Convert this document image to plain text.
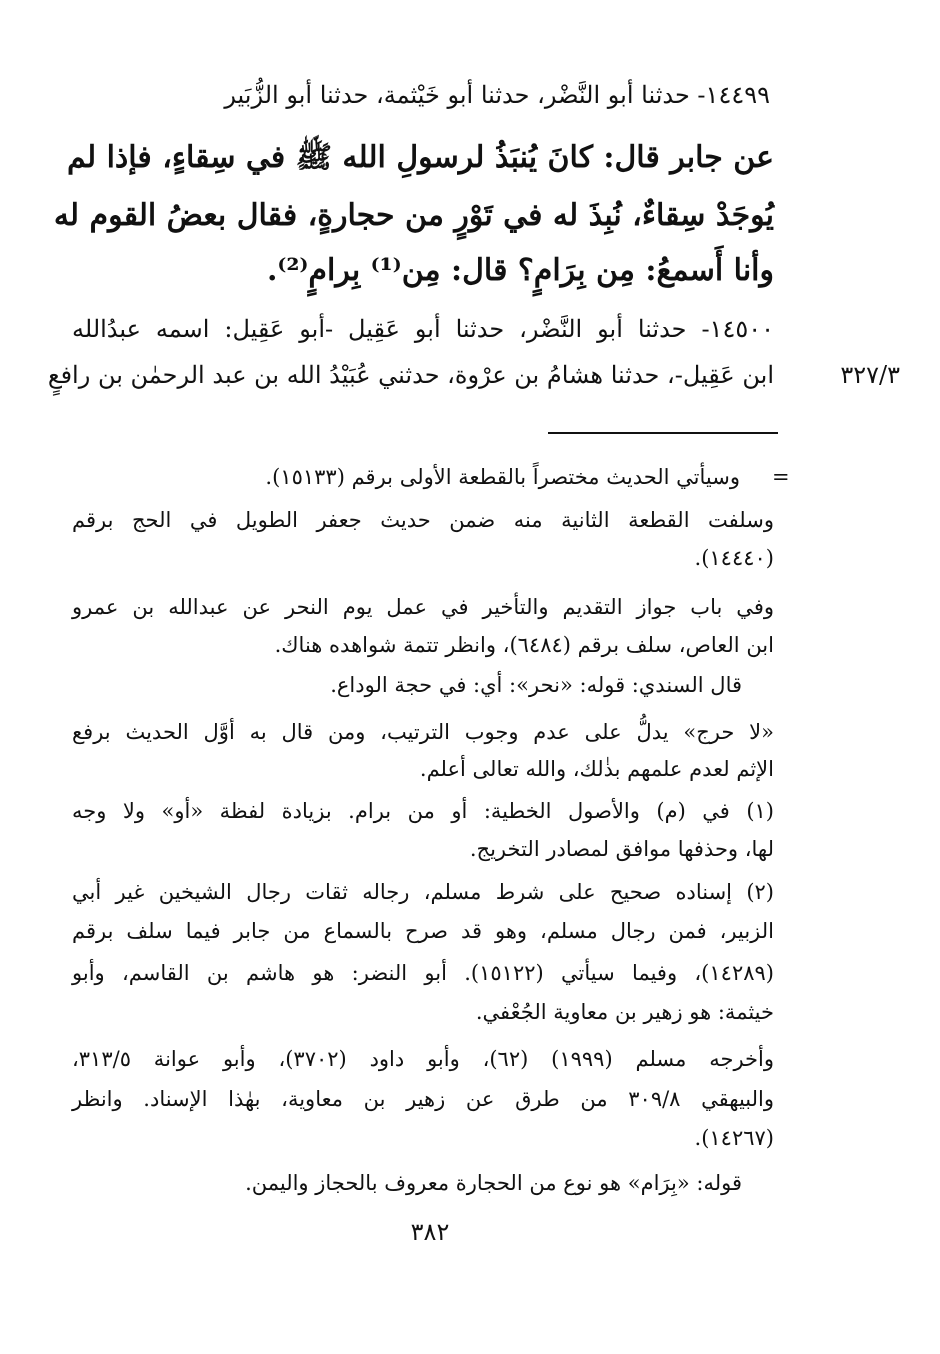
١٤٤٩٩- حدثنا أبو النَّضْر، حدثنا أبو خَيْثمة، حدثنا أبو الزُّبَير
عن جابر قال: كانَ يُنبَذُ لرسولِ الله ﷺ في سِقاءٍ، فإذا لم
يُوجَدْ سِقاءٌ، نُبِذَ له في تَوْرٍ من حجارةٍ، فقال بعضُ القوم له
وأنا أَسمعُ: مِن بِرَامٍ؟ قال: مِن⁽¹⁾ بِرامٍ⁽²⁾.
١٤٥٠٠- حدثنا أبو النَّضْر، حدثنا أبو عَقِيل -أبو عَقِيل: اسمه عبدُالله
ابن عَقِيل-، حدثنا هشامُ بن عرْوة، حدثني عُبَيْدُ الله بن عبد الرحمٰن بن رافعٍ	٣٢٧/٣
=
وسيأتي الحديث مختصراً بالقطعة الأولى برقم (١٥١٣٣).
وسلفت القطعة الثانية منه ضمن حديث جعفر الطويل في الحج برقم
(١٤٤٤٠).
وفي باب جواز التقديم والتأخير في عمل يوم النحر عن عبدالله بن عمرو
ابن العاص، سلف برقم (٦٤٨٤)، وانظر تتمة شواهده هناك.
قال السندي: قوله: «نحر»: أي: في حجة الوداع.
«لا حرج» يدلُّ على عدم وجوب الترتيب، ومن قال به أوَّل الحديث برفع
الإثم لعدم علمهم بذٰلك، والله تعالى أعلم.
(١) في (م) والأصول الخطية: أو من برام. بزيادة لفظة «أو» ولا وجه
لها، وحذفها موافق لمصادر التخريج.
(٢) إسناده صحيح على شرط مسلم، رجاله ثقات رجال الشيخين غير أبي
الزبير، فمن رجال مسلم، وهو قد صرح بالسماع من جابر فيما سلف برقم
(١٤٢٨٩)، وفيما سيأتي (١٥١٢٢). أبو النضر: هو هاشم بن القاسم، وأبو
خيثمة: هو زهير بن معاوية الجُعْفي.
وأخرجه مسلم (١٩٩٩) (٦٢)، وأبو داود (٣٧٠٢)، وأبو عوانة ٣١٣/٥،
والبيهقي ٣٠٩/٨ من طرق عن زهير بن معاوية، بهٰذا الإسناد. وانظر
(١٤٢٦٧).
قوله: «بِرَام» هو نوع من الحجارة معروف بالحجاز واليمن.
٣٨٢
